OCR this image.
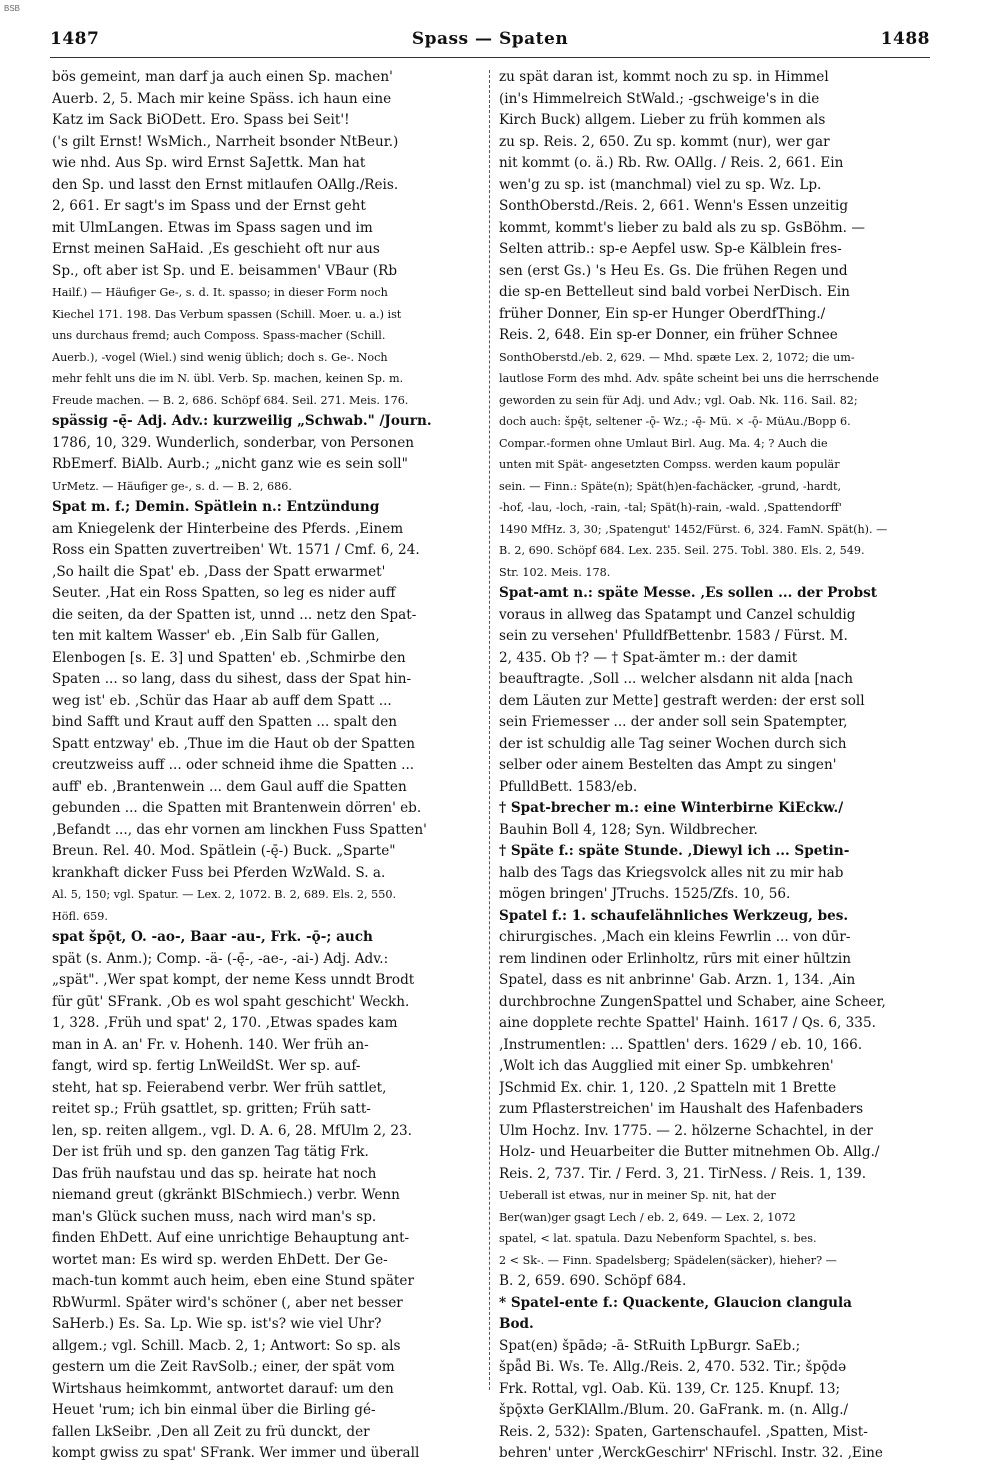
BSB
1487	Spass — Spaten	1488
bös gemeint, man darf ja auch einen Sp. machen'
Auerb. 2, 5. Mach mir keine Späss. ich haun eine
Katz im Sack BiODett. Ero. Spass bei Seit'!
('s gilt Ernst! WsMich., Narrheit bsonder NtBeur.)
wie nhd. Aus Sp. wird Ernst SaJettk. Man hat
den Sp. und lasst den Ernst mitlaufen OAllg./Reis.
2, 661. Er sagt's im Spass und der Ernst geht
mit UlmLangen. Etwas im Spass sagen und im
Ernst meinen SaHaid. ‚Es geschieht oft nur aus
Sp., oft aber ist Sp. und E. beisammen' VBaur (Rb
Hailf.) — Häufiger Ge-, s. d. It. spasso; in dieser Form noch
Kiechel 171. 198. Das Verbum spassen (Schill. Moer. u. a.) ist
uns durchaus fremd; auch Composs. Spass-macher (Schill.
Auerb.), -vogel (Wiel.) sind wenig üblich; doch s. Ge-. Noch
mehr fehlt uns die im N. übl. Verb. Sp. machen, keinen Sp. m.
Freude machen. — B. 2, 686. Schöpf 684. Seil. 271. Meis. 176.
spässig -ę̄- Adj. Adv.: kurzweilig „Schwab." /Journ.
1786, 10, 329. Wunderlich, sonderbar, von Personen
RbEmerf. BiAlb. Aurb.; „nicht ganz wie es sein soll"
UrMetz. — Häufiger ge-, s. d. — B. 2, 686.
Spat m. f.; Demin. Spätlein n.: Entzündung
am Kniegelenk der Hinterbeine des Pferds. ‚Einem
Ross ein Spatten zuvertreiben' Wt. 1571 / Cmf. 6, 24.
‚So hailt die Spat' eb. ‚Dass der Spatt erwarmet'
Seuter. ‚Hat ein Ross Spatten, so leg es nider auff
die seiten, da der Spatten ist, unnd ... netz den Spat-
ten mit kaltem Wasser' eb. ‚Ein Salb für Gallen,
Elenbogen [s. E. 3] und Spatten' eb. ‚Schmirbe den
Spaten ... so lang, dass du sihest, dass der Spat hin-
weg ist' eb. ‚Schür das Haar ab auff dem Spatt ...
bind Safft und Kraut auff den Spatten ... spalt den
Spatt entzway' eb. ‚Thue im die Haut ob der Spatten
creutzweiss auff ... oder schneid ihme die Spatten ...
auff' eb. ‚Brantenwein ... dem Gaul auff die Spatten
gebunden ... die Spatten mit Brantenwein dörren' eb.
‚Befandt ..., das ehr vornen am linckhen Fuss Spatten'
Breun. Rel. 40. Mod. Spätlein (-ę̄-) Buck. „Sparte"
krankhaft dicker Fuss bei Pferden WzWald. S. a.
Al. 5, 150; vgl. Spatur. — Lex. 2, 1072. B. 2, 689. Els. 2, 550.
Höfl. 659.
spat špǭt, O. -ao-, Baar -au-, Frk. -ǭ-; auch
spät (s. Anm.); Comp. -ä- (-ę̄-, -ae-, -ai-) Adj. Adv.:
„spät". ‚Wer spat kompt, der neme Kess unndt Brodt
für gūt' SFrank. ‚Ob es wol spaht geschicht' Weckh.
1, 328. ‚Früh und spat' 2, 170. ‚Etwas spades kam
man in A. an' Fr. v. Hohenh. 140. Wer früh an-
fangt, wird sp. fertig LnWeildSt. Wer sp. auf-
steht, hat sp. Feierabend verbr. Wer früh sattlet,
reitet sp.; Früh gsattlet, sp. gritten; Früh satt-
len, sp. reiten allgem., vgl. D. A. 6, 28. MfUlm 2, 23.
Der ist früh und sp. den ganzen Tag tätig Frk.
Das früh naufstau und das sp. heirate hat noch
niemand greut (gkränkt BlSchmiech.) verbr. Wenn
man's Glück suchen muss, nach wird man's sp.
finden EhDett. Auf eine unrichtige Behauptung ant-
wortet man: Es wird sp. werden EhDett. Der Ge-
mach-tun kommt auch heim, eben eine Stund später
RbWurml. Später wird's schöner (, aber net besser
SaHerb.) Es. Sa. Lp. Wie sp. ist's? wie viel Uhr?
allgem.; vgl. Schill. Macb. 2, 1; Antwort: So sp. als
gestern um die Zeit RavSolb.; einer, der spät vom
Wirtshaus heimkommt, antwortet darauf: um den
Heuet 'rum; ich bin einmal über die Birling gé-
fallen LkSeibr. ‚Den all Zeit zu frü dunckt, der
kompt gwiss zu spat' SFrank. Wer immer und überall
zu spät daran ist, kommt noch zu sp. in Himmel
(in's Himmelreich StWald.; -gschweige's in die
Kirch Buck) allgem. Lieber zu früh kommen als
zu sp. Reis. 2, 650. Zu sp. kommt (nur), wer gar
nit kommt (o. ä.) Rb. Rw. OAllg. / Reis. 2, 661. Ein
wen'g zu sp. ist (manchmal) viel zu sp. Wz. Lp.
SonthOberstd./Reis. 2, 661. Wenn's Essen unzeitig
kommt, kommt's lieber zu bald als zu sp. GsBöhm. —
Selten attrib.: sp-e Aepfel usw. Sp-e Kälblein fres-
sen (erst Gs.) 's Heu Es. Gs. Die frühen Regen und
die sp-en Bettelleut sind bald vorbei NerDisch. Ein
früher Donner, Ein sp-er Hunger OberdfThing./
Reis. 2, 648. Ein sp-er Donner, ein früher Schnee
SonthOberstd./eb. 2, 629. — Mhd. spæte Lex. 2, 1072; die um-
lautlose Form des mhd. Adv. spâte scheint bei uns die herrschende
geworden zu sein für Adj. und Adv.; vgl. Oab. Nk. 116. Sail. 82;
doch auch: špę̄t, seltener -ǭ- Wz.; -ę̄- Mü. × -ǭ- MüAu./Bopp 6.
Compar.-formen ohne Umlaut Birl. Aug. Ma. 4; ? Auch die
unten mit Spät- angesetzten Compss. werden kaum populär
sein. — Finn.: Späte(n); Spät(h)en-fachäcker, -grund, -hardt,
-hof, -lau, -loch, -rain, -tal; Spät(h)-rain, -wald. ‚Spattendorff'
1490 MfHz. 3, 30; ‚Spatengut' 1452/Fürst. 6, 324. FamN. Spät(h). —
B. 2, 690. Schöpf 684. Lex. 235. Seil. 275. Tobl. 380. Els. 2, 549.
Str. 102. Meis. 178.
Spat-amt n.: späte Messe. ‚Es sollen ... der Probst
voraus in allweg das Spatampt und Canzel schuldig
sein zu versehen' PfulldfBettenbr. 1583 / Fürst. M.
2, 435. Ob †? — † Spat-ämter m.: der damit
beauftragte. ‚Soll ... welcher alsdann nit alda [nach
dem Läuten zur Mette] gestraft werden: der erst soll
sein Friemesser ... der ander soll sein Spatempter,
der ist schuldig alle Tag seiner Wochen durch sich
selber oder ainem Bestelten das Ampt zu singen'
PfulldBett. 1583/eb.
† Spat-brecher m.: eine Winterbirne KiEckw./
Bauhin Boll 4, 128; Syn. Wildbrecher.
† Späte f.: späte Stunde. ‚Diewyl ich ... Spetin-
halb des Tags das Kriegsvolck alles nit zu mir hab
mögen bringen' JTruchs. 1525/Zfs. 10, 56.
Spatel f.: 1. schaufelähnliches Werkzeug, bes.
chirurgisches. ‚Mach ein kleins Fewrlin ... von dūr-
rem lindinen oder Erlinholtz, rūrs mit einer hūltzin
Spatel, dass es nit anbrinne' Gab. Arzn. 1, 134. ‚Ain
durchbrochne ZungenSpattel und Schaber, aine Scheer,
aine dopplete rechte Spattel' Hainh. 1617 / Qs. 6, 335.
‚Instrumentlen: ... Spattlen' ders. 1629 / eb. 10, 166.
‚Wolt ich das Augglied mit einer Sp. umbkehren'
JSchmid Ex. chir. 1, 120. ‚2 Spatteln mit 1 Brette
zum Pflasterstreichen' im Haushalt des Hafenbaders
Ulm Hochz. Inv. 1775. — 2. hölzerne Schachtel, in der
Holz- und Heuarbeiter die Butter mitnehmen Ob. Allg./
Reis. 2, 737. Tir. / Ferd. 3, 21. TirNess. / Reis. 1, 139.
Ueberall ist etwas, nur in meiner Sp. nit, hat der
Ber(wan)ger gsagt Lech / eb. 2, 649. — Lex. 2, 1072
spatel, < lat. spatula. Dazu Nebenform Spachtel, s. bes.
2 < Sk-. — Finn. Spadelsberg; Spädelen(säcker), hieher? —
B. 2, 659. 690. Schöpf 684.
* Spatel-ente f.: Quackente, Glaucion clangula
Bod.
Spat(en) špādə; -ā- StRuith LpBurgr. SaEb.;
špǟd Bi. Ws. Te. Allg./Reis. 2, 470. 532. Tir.; špǭdə
Frk. Rottal, vgl. Oab. Kü. 139, Cr. 125. Knupf. 13;
špǭxtə GerKlAllm./Blum. 20. GaFrank. m. (n. Allg./
Reis. 2, 532): Spaten, Gartenschaufel. ‚Spatten, Mist-
behren' unter ‚WerckGeschirr' NFrischl. Instr. 32. ‚Eine
